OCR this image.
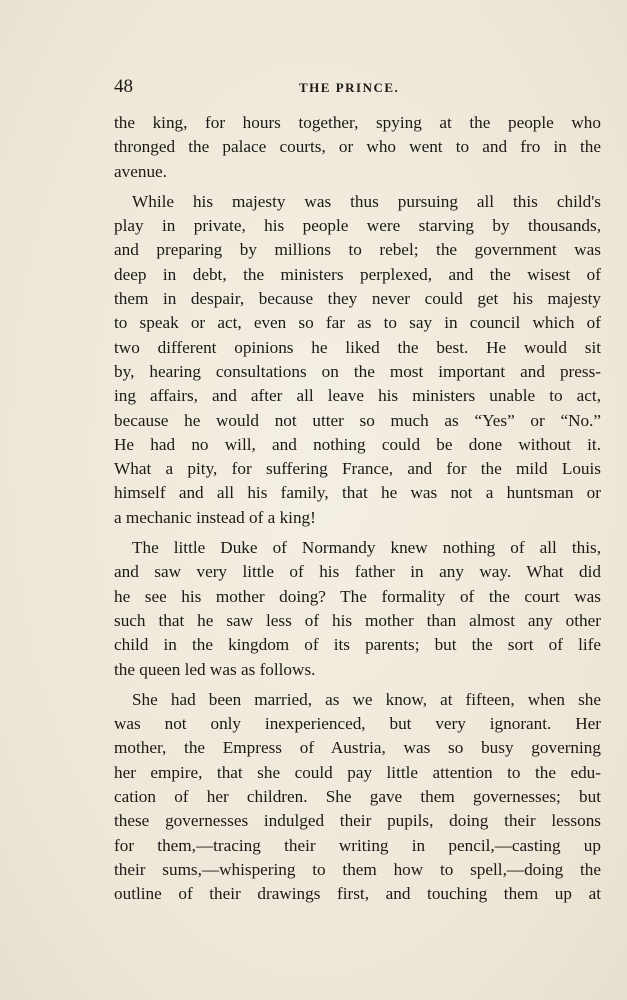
48	THE PRINCE.
the king, for hours together, spying at the people who
thronged the palace courts, or who went to and fro in the
avenue.
While his majesty was thus pursuing all this child's
play in private, his people were starving by thousands,
and preparing by millions to rebel; the government was
deep in debt, the ministers perplexed, and the wisest of
them in despair, because they never could get his majesty
to speak or act, even so far as to say in council which of
two different opinions he liked the best. He would sit
by, hearing consultations on the most important and press-
ing affairs, and after all leave his ministers unable to act,
because he would not utter so much as “Yes” or “No.”
He had no will, and nothing could be done without it.
What a pity, for suffering France, and for the mild Louis
himself and all his family, that he was not a huntsman or
a mechanic instead of a king!
The little Duke of Normandy knew nothing of all this,
and saw very little of his father in any way. What did
he see his mother doing? The formality of the court was
such that he saw less of his mother than almost any other
child in the kingdom of its parents; but the sort of life
the queen led was as follows.
She had been married, as we know, at fifteen, when she
was not only inexperienced, but very ignorant. Her
mother, the Empress of Austria, was so busy governing
her empire, that she could pay little attention to the edu-
cation of her children. She gave them governesses; but
these governesses indulged their pupils, doing their lessons
for them,—tracing their writing in pencil,—casting up
their sums,—whispering to them how to spell,—doing the
outline of their drawings first, and touching them up at
